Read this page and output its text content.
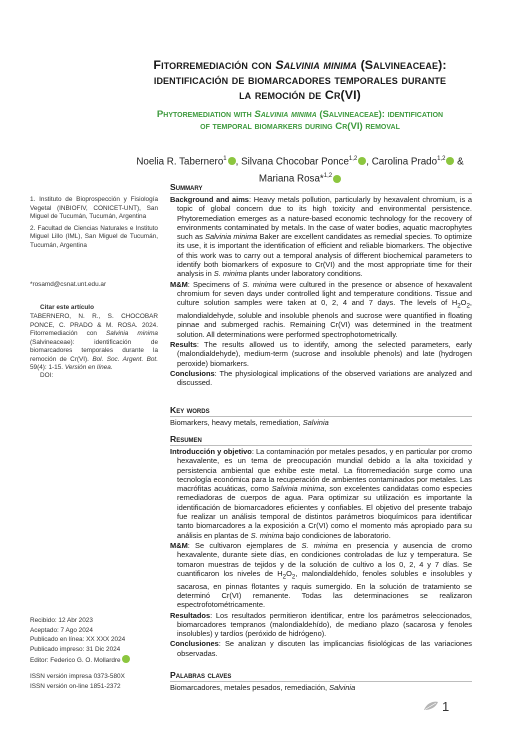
Fitorremediación con Salvinia minima (Salvineaceae):
identificación de biomarcadores temporales durante
la remoción de Cr(VI)
Phytoremediation with Salvinia minima (Salvineaceae): identification
of temporal biomarkers during Cr(VI) removal
Noelia R. Tabernero$^1$ , Silvana Chocobar Ponce$^{1,2}$ , Carolina Prado$^{1,2}$ &
Mariana Rosa*$^{1,2}$

1. Instituto de Bioprospección y Fisiología Vegetal (INBIOFIV, CONICET-UNT), San Miguel de Tucumán, Tucumán, Argentina

2. Facultad de Ciencias Naturales e Instituto Miguel Lillo (IML), San Miguel de Tucumán, Tucumán, Argentina

*rosamd@csnat.unt.edu.ar
Citar este artículo
TABERNERO, N. R., S. CHOCOBAR PONCE, C. PRADO & M. ROSA. 2024. Fitorremediación con Salvinia minima (Salvineaceae): identificación de biomarcadores temporales durante la remoción de Cr(VI). Bol. Soc. Argent. Bot. 59(4): 1-15. Versión en línea.
DOI:
Recibido: 12 Abr 2023
Aceptado: 7 Ago 2024
Publicado en línea: XX XXX 2024
Publicado impreso: 31 Dic 2024
Editor: Federico G. O. Mollardre
ISSN versión impresa 0373-580X
ISSN versión on-line 1851-2372
Summary

Background and aims: Heavy metals pollution, particularly by hexavalent chromium, is a topic of global concern due to its high toxicity and environmental persistence. Phytoremediation emerges as a nature-based economic technology for the recovery of environments contaminated by metals. In the case of water bodies, aquatic macrophytes such as Salvinia minima Baker are excellent candidates as remedial species. To optimize its use, it is important the identification of efficient and reliable biomarkers. The objective of this work was to carry out a temporal analysis of different biochemical parameters to identify both biomarkers of exposure to Cr(VI) and the most appropriate time for their analysis in S. minima plants under laboratory conditions.

M&M: Specimens of S. minima were cultured in the presence or absence of hexavalent chromium for seven days under controlled light and temperature conditions. Tissue and culture solution samples were taken at 0, 2, 4 and 7 days. The levels of $H_2O_2$, malondialdehyde, soluble and insoluble phenols and sucrose were quantified in floating pinnae and submerged rachis. Remaining Cr(VI) was determined in the treatment solution. All determinations were performed spectrophotometrically.

Results: The results allowed us to identify, among the selected parameters, early (malondialdehyde), medium-term (sucrose and insoluble phenols) and late (hydrogen peroxide) biomarkers.

Conclusions: The physiological implications of the observed variations are analyzed and discussed.

Key words
Biomarkers, heavy metals, remediation, Salvinia
Resumen

Introducción y objetivo: La contaminación por metales pesados, y en particular por cromo hexavalente, es un tema de preocupación mundial debido a la alta toxicidad y persistencia ambiental que exhibe este metal. La fitorremediación surge como una tecnología económica para la recuperación de ambientes contaminados por metales. Las macrófitas acuáticas, como Salvinia minima, son excelentes candidatas como especies remediadoras de cuerpos de agua. Para optimizar su utilización es importante la identificación de biomarcadores eficientes y confiables. El objetivo del presente trabajo fue realizar un análisis temporal de distintos parámetros bioquímicos para identificar tanto biomarcadores a la exposición a Cr(VI) como el momento más apropiado para su análisis en plantas de S. minima bajo condiciones de laboratorio.

M&M: Se cultivaron ejemplares de S. minima en presencia y ausencia de cromo hexavalente, durante siete días, en condiciones controladas de luz y temperatura. Se tomaron muestras de tejidos y de la solución de cultivo a los 0, 2, 4 y 7 días. Se cuantificaron los niveles de $H_2O_2$, malondialdehído, fenoles solubles e insolubles y sacarosa, en pinnas flotantes y raquis sumergido. En la solución de tratamiento se determinó Cr(VI) remanente. Todas las determinaciones se realizaron espectrofotométricamente.

Resultados: Los resultados permitieron identificar, entre los parámetros seleccionados, biomarcadores tempranos (malondialdehído), de mediano plazo (sacarosa y fenoles insolubles) y tardíos (peróxido de hidrógeno).

Conclusiones: Se analizan y discuten las implicancias fisiológicas de las variaciones observadas.

Palabras claves
Biomarcadores, metales pesados, remediación, Salvinia
1
